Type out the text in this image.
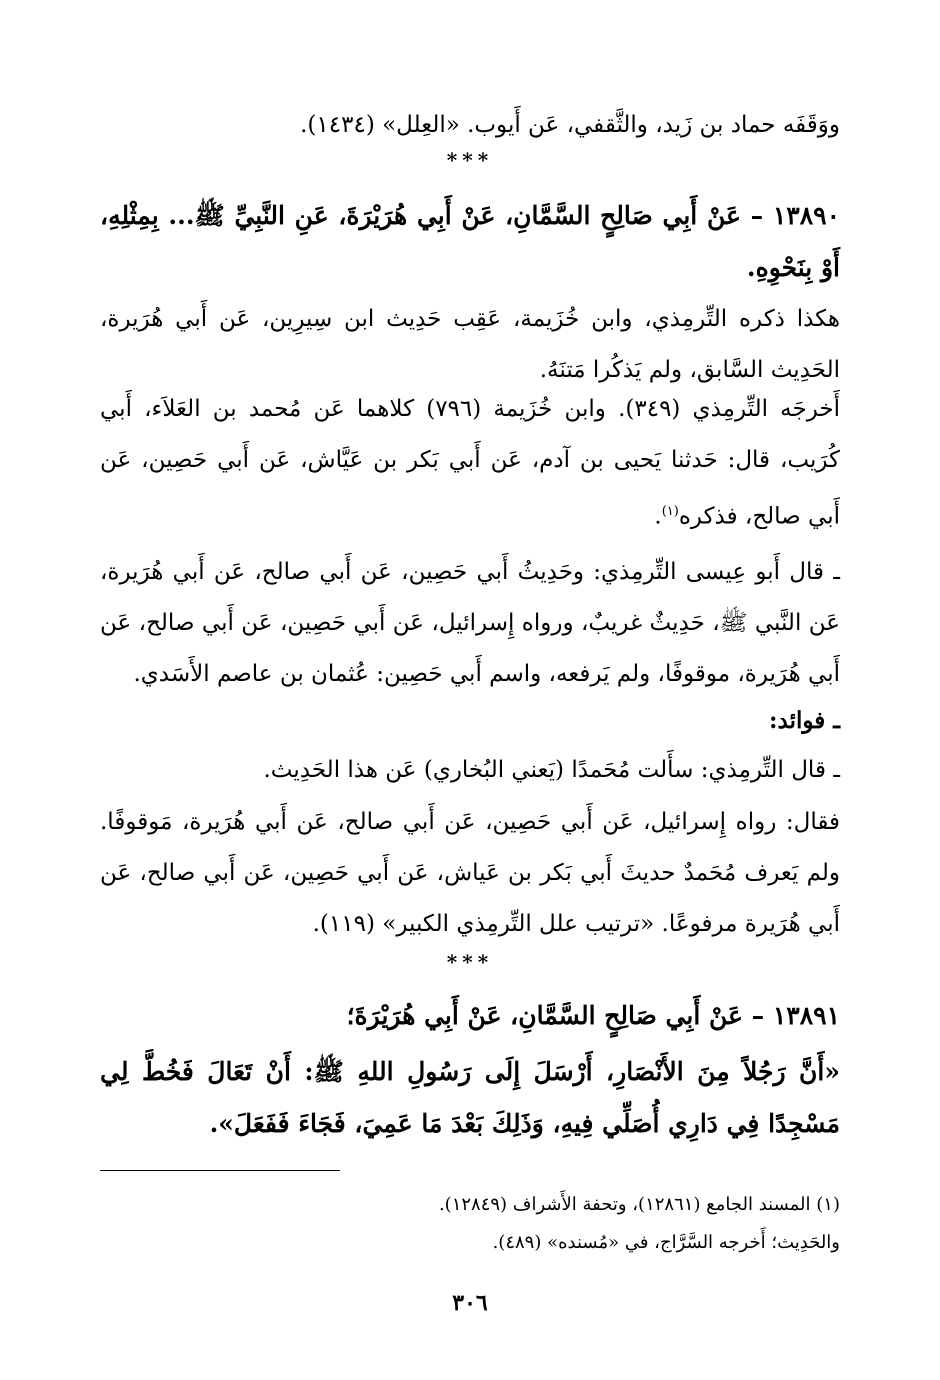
ووَقَفَه حماد بن زَيد، والثَّقفي، عَن أَيوب. «العِلل» (١٤٣٤).
***
١٣٨٩٠ – عَنْ أَبِي صَالِحٍ السَّمَّانِ، عَنْ أَبِي هُرَيْرَةَ، عَنِ النَّبِيِّ ﷺ... بِمِثْلِهِ، أَوْ بِنَحْوِهِ.
هكذا ذكره التِّرمِذي، وابن خُزَيمة، عَقِب حَدِيث ابن سِيرِين، عَن أَبي هُرَيرة، الحَدِيث السَّابق، ولم يَذكُرا مَتنَهُ.
أَخرجَه التِّرمِذي (٣٤٩). وابن خُزَيمة (٧٩٦) كلاهما عَن مُحمد بن العَلاَء، أَبي كُرَيب، قال: حَدثنا يَحيى بن آدم، عَن أَبي بَكر بن عَيَّاش، عَن أَبي حَصِين، عَن أَبي صالح، فذكره$^{(١)}$.
ـ قال أَبو عِيسى التِّرمِذي: وحَدِيثُ أَبي حَصِين، عَن أَبي صالح، عَن أَبي هُرَيرة، عَن النَّبي ﷺ، حَدِيثٌ غريبٌ، ورواه إِسرائيل، عَن أَبي حَصِين، عَن أَبي صالح، عَن أَبي هُرَيرة، موقوفًا، ولم يَرفعه، واسم أَبي حَصِين: عُثمان بن عاصم الأَسَدي.
ـ فوائد:
ـ قال التِّرمِذي: سأَلت مُحَمدًا (يَعني البُخاري) عَن هذا الحَدِيث.
فقال: رواه إِسرائيل، عَن أَبي حَصِين، عَن أَبي صالح، عَن أَبي هُرَيرة، مَوقوفًا. ولم يَعرف مُحَمدٌ حديثَ أَبي بَكر بن عَياش، عَن أَبي حَصِين، عَن أَبي صالح، عَن أَبي هُرَيرة مرفوعًا. «ترتيب علل التِّرمِذي الكبير» (١١٩).
***
١٣٨٩١ – عَنْ أَبِي صَالِحٍ السَّمَّانِ، عَنْ أَبِي هُرَيْرَةَ؛
«أَنَّ رَجُلاً مِنَ الأَنْصَارِ، أَرْسَلَ إِلَى رَسُولِ اللهِ ﷺ: أَنْ تَعَالَ فَخُطَّ لِي مَسْجِدًا فِي دَارِي أُصَلِّي فِيهِ، وَذَلِكَ بَعْدَ مَا عَمِيَ، فَجَاءَ فَفَعَلَ».
(١) المسند الجامع (١٢٨٦١)، وتحفة الأَشراف (١٢٨٤٩).
والحَدِيث؛ أَخرجه السَّرَّاج، في «مُسنده» (٤٨٩).
٣٠٦
